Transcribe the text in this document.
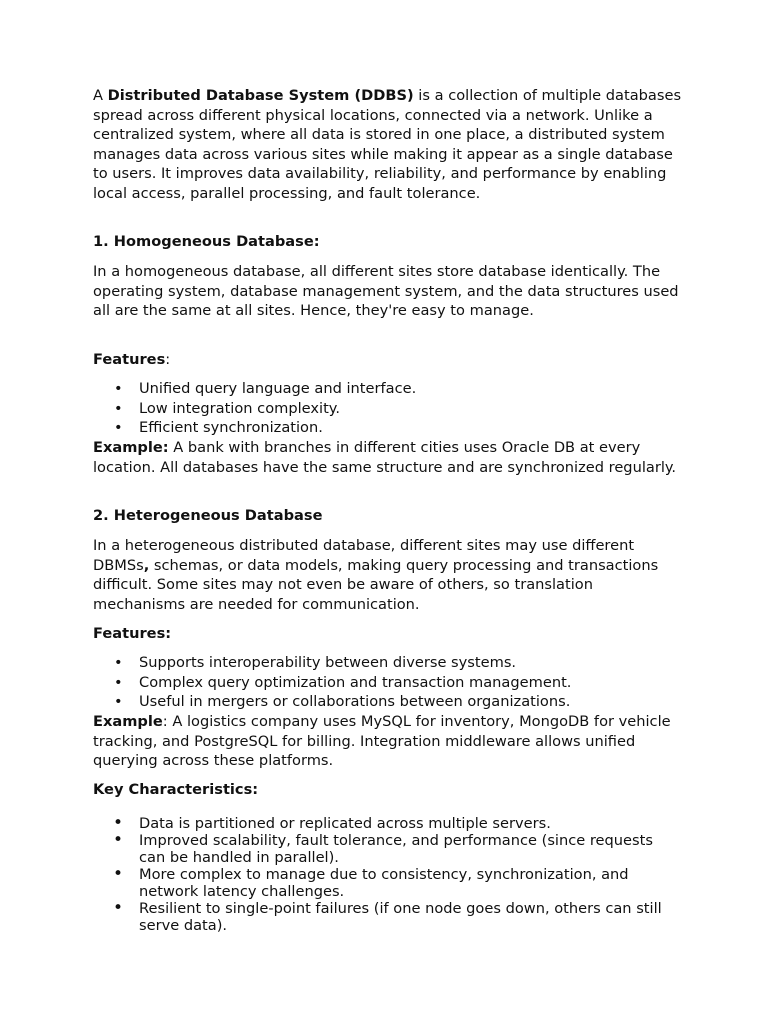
A Distributed Database System (DDBS) is a collection of multiple databases spread across different physical locations, connected via a network. Unlike a centralized system, where all data is stored in one place, a distributed system manages data across various sites while making it appear as a single database to users. It improves data availability, reliability, and performance by enabling local access, parallel processing, and fault tolerance.

1. Homogeneous Database:

In a homogeneous database, all different sites store database identically. The operating system, database management system, and the data structures used all are the same at all sites. Hence, they're easy to manage.

Features:

• Unified query language and interface.
• Low integration complexity.
• Efficient synchronization.

Example: A bank with branches in different cities uses Oracle DB at every location. All databases have the same structure and are synchronized regularly.

2. Heterogeneous Database

In a heterogeneous distributed database, different sites may use different DBMSs, schemas, or data models, making query processing and transactions difficult. Some sites may not even be aware of others, so translation mechanisms are needed for communication.

Features:

• Supports interoperability between diverse systems.
• Complex query optimization and transaction management.
• Useful in mergers or collaborations between organizations.

Example: A logistics company uses MySQL for inventory, MongoDB for vehicle tracking, and PostgreSQL for billing. Integration middleware allows unified querying across these platforms.

Key Characteristics:

• Data is partitioned or replicated across multiple servers.
• Improved scalability, fault tolerance, and performance (since requests can be handled in parallel).
• More complex to manage due to consistency, synchronization, and network latency challenges.
• Resilient to single-point failures (if one node goes down, others can still serve data).
